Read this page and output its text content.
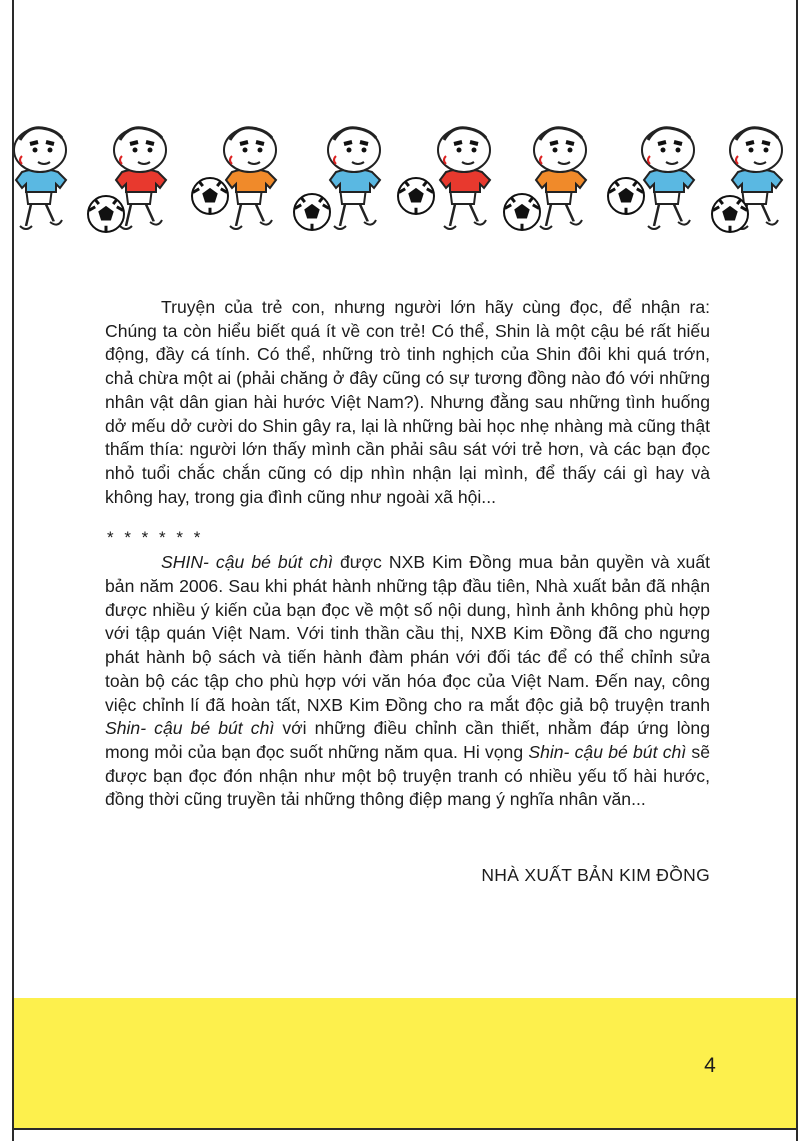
Truyện của trẻ con, nhưng người lớn hãy cùng đọc, để nhận ra: Chúng ta còn hiểu biết quá ít về con trẻ! Có thể, Shin là một cậu bé rất hiếu động, đầy cá tính. Có thể, những trò tinh nghịch của Shin đôi khi quá trớn, chả chừa một ai (phải chăng ở đây cũng có sự tương đồng nào đó với những nhân vật dân gian hài hước Việt Nam?). Nhưng đằng sau những tình huống dở mếu dở cười do Shin gây ra, lại là những bài học nhẹ nhàng mà cũng thật thấm thía: người lớn thấy mình cần phải sâu sát với trẻ hơn, và các bạn đọc nhỏ tuổi chắc chắn cũng có dịp nhìn nhận lại mình, để thấy cái gì hay và không hay, trong gia đình cũng như ngoài xã hội...

* * * * * *

SHIN- cậu bé bút chì được NXB Kim Đồng mua bản quyền và xuất bản năm 2006. Sau khi phát hành những tập đầu tiên, Nhà xuất bản đã nhận được nhiều ý kiến của bạn đọc về một số nội dung, hình ảnh không phù hợp với tập quán Việt Nam. Với tinh thần cầu thị, NXB Kim Đồng đã cho ngưng phát hành bộ sách và tiến hành đàm phán với đối tác để có thể chỉnh sửa toàn bộ các tập cho phù hợp với văn hóa đọc của Việt Nam. Đến nay, công việc chỉnh lí đã hoàn tất, NXB Kim Đồng cho ra mắt độc giả bộ truyện tranh Shin- cậu bé bút chì với những điều chỉnh cần thiết, nhằm đáp ứng lòng mong mỏi của bạn đọc suốt những năm qua. Hi vọng Shin- cậu bé bút chì sẽ được bạn đọc đón nhận như một bộ truyện tranh có nhiều yếu tố hài hước, đồng thời cũng truyền tải những thông điệp mang ý nghĩa nhân văn...

NHÀ XUẤT BẢN KIM ĐỒNG
4
